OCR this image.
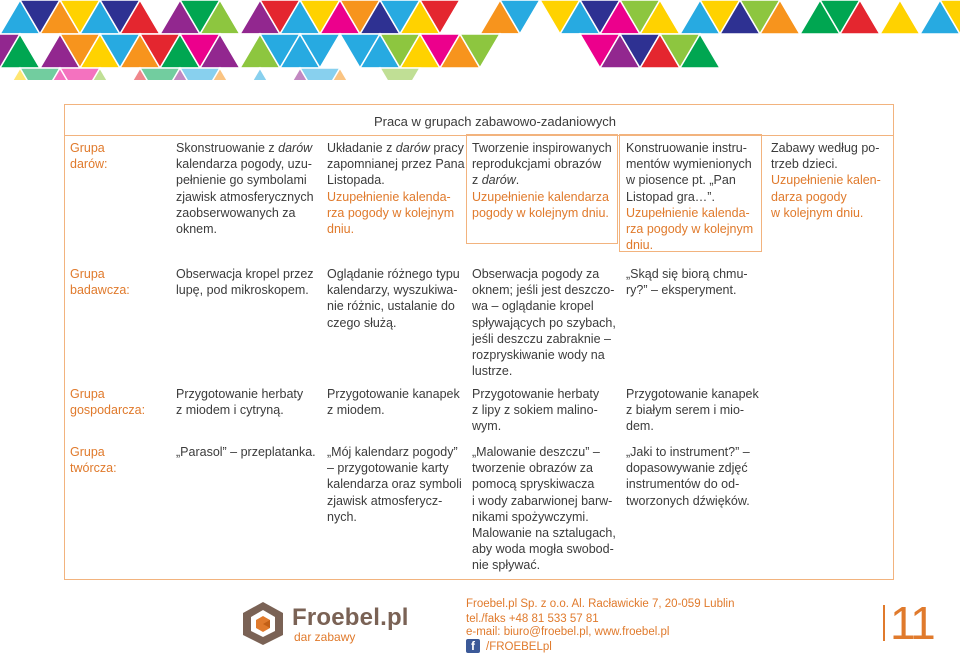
Praca w grupach zabawowo-zadaniowych

Grupa

darów:

Skonstruowanie z darów kalendarza pogody, uzu-

pełnienie go symbolami

zjawisk atmosferycznych

zaobserwowanych za

oknem.

Układanie z darów pracy

zapomnianej przez Pana

Listopada.

Uzupełnienie kalenda-

rza pogody w kolejnym

dniu.

Tworzenie inspirowanych

reprodukcjami obrazów

z darów.

Uzupełnienie kalendarza

pogody w kolejnym dniu.

Konstruowanie instru-

mentów wymienionych

w piosence pt. „Pan

Listopad gra…”.

Uzupełnienie kalenda-

rza pogody w kolejnym

dniu.

Zabawy według po-

trzeb dzieci.

Uzupełnienie kalen-

darza pogody

w kolejnym dniu.

Grupa

badawcza:

Obserwacja kropel przez

lupę, pod mikroskopem.

Oglądanie różnego typu

kalendarzy, wyszukiwa-

nie różnic, ustalanie do

czego służą.

Obserwacja pogody za

oknem; jeśli jest deszczo-

wa – oglądanie kropel

spływających po szybach,

jeśli deszczu zabraknie –

rozpryskiwanie wody na

lustrze.

„Skąd się biorą chmu-

ry?” – eksperyment.

Grupa

gospodarcza:

Przygotowanie herbaty

z miodem i cytryną.

Przygotowanie kanapek

z miodem.

Przygotowanie herbaty

z lipy z sokiem malino-

wym.

Przygotowanie kanapek

z białym serem i mio-

dem.

Grupa

twórcza:

„Parasol” – przeplatanka. „Mój kalendarz pogody”

– przygotowanie karty

kalendarza oraz symboli

zjawisk atmosferycz-

nych.

„Malowanie deszczu” –

tworzenie obrazów za

pomocą spryskiwacza

i wody zabarwionej barw-

nikami spożywczymi.

Malowanie na sztalugach,

aby woda mogła swobod-

nie spływać.

„Jaki to instrument?” –

dopasowywanie zdjęć

instrumentów do od-

tworzonych dźwięków.

Froebel.pl
dar zabawy
Froebel.pl Sp. z o.o. Al. Racławickie 7, 20-059 Lublin
tel./faks +48 81 533 57 81
e-mail: biuro@froebel.pl, www.froebel.pl
f /FROEBELpl	11
